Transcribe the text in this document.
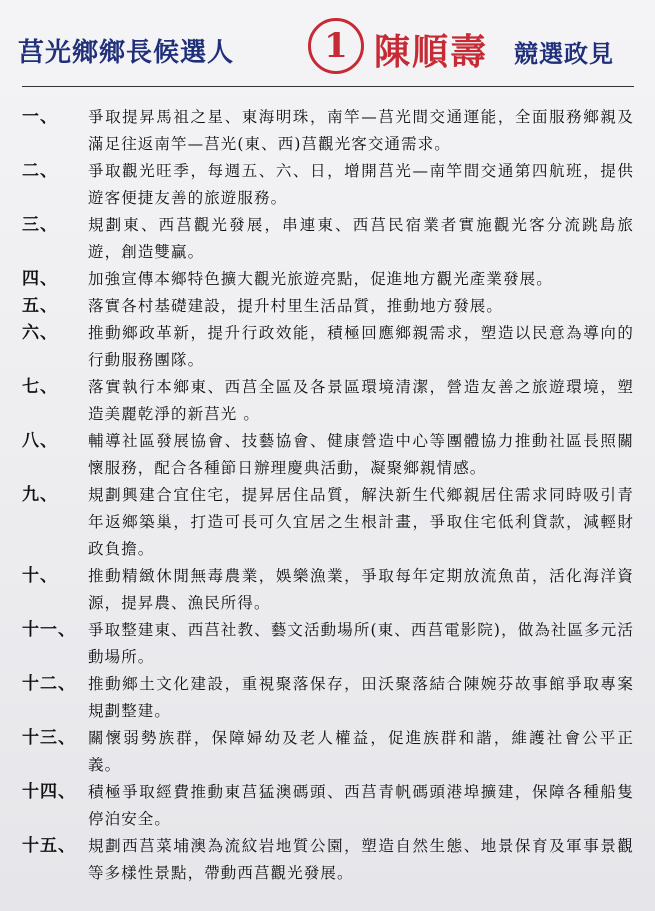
莒光鄉鄉長候選人	1 陳順壽 競選政見
一、	爭取提昇馬祖之星、東海明珠，南竿—莒光間交通運能，全面服務鄉親及滿足往返南竿—莒光(東、西)莒觀光客交通需求。
二、	爭取觀光旺季，每週五、六、日，增開莒光—南竿間交通第四航班，提供遊客便捷友善的旅遊服務。
三、	規劃東、西莒觀光發展，串連東、西莒民宿業者實施觀光客分流跳島旅遊，創造雙贏。
四、	加強宣傳本鄉特色擴大觀光旅遊亮點，促進地方觀光產業發展。
五、	落實各村基礎建設，提升村里生活品質，推動地方發展。
六、	推動鄉政革新，提升行政效能，積極回應鄉親需求，塑造以民意為導向的行動服務團隊。
七、	落實執行本鄉東、西莒全區及各景區環境清潔，營造友善之旅遊環境，塑造美麗乾淨的新莒光 。
八、	輔導社區發展協會、技藝協會、健康營造中心等團體協力推動社區長照關懷服務，配合各種節日辦理慶典活動，凝聚鄉親情感。
九、	規劃興建合宜住宅，提昇居住品質，解決新生代鄉親居住需求同時吸引青年返鄉築巢，打造可長可久宜居之生根計畫，爭取住宅低利貸款，減輕財政負擔。
十、	推動精緻休閒無毒農業，娛樂漁業，爭取每年定期放流魚苗，活化海洋資源，提昇農、漁民所得。
十一、 爭取整建東、西莒社教、藝文活動場所(東、西莒電影院)，做為社區多元活動場所。
十二、 推動鄉土文化建設，重視聚落保存，田沃聚落結合陳婉芬故事館爭取專案規劃整建。
十三、 關懷弱勢族群，保障婦幼及老人權益，促進族群和諧，維護社會公平正義。
十四、 積極爭取經費推動東莒猛澳碼頭、西莒青帆碼頭港埠擴建，保障各種船隻停泊安全。
十五、 規劃西莒菜埔澳為流紋岩地質公園，塑造自然生態、地景保育及軍事景觀等多樣性景點，帶動西莒觀光發展。
